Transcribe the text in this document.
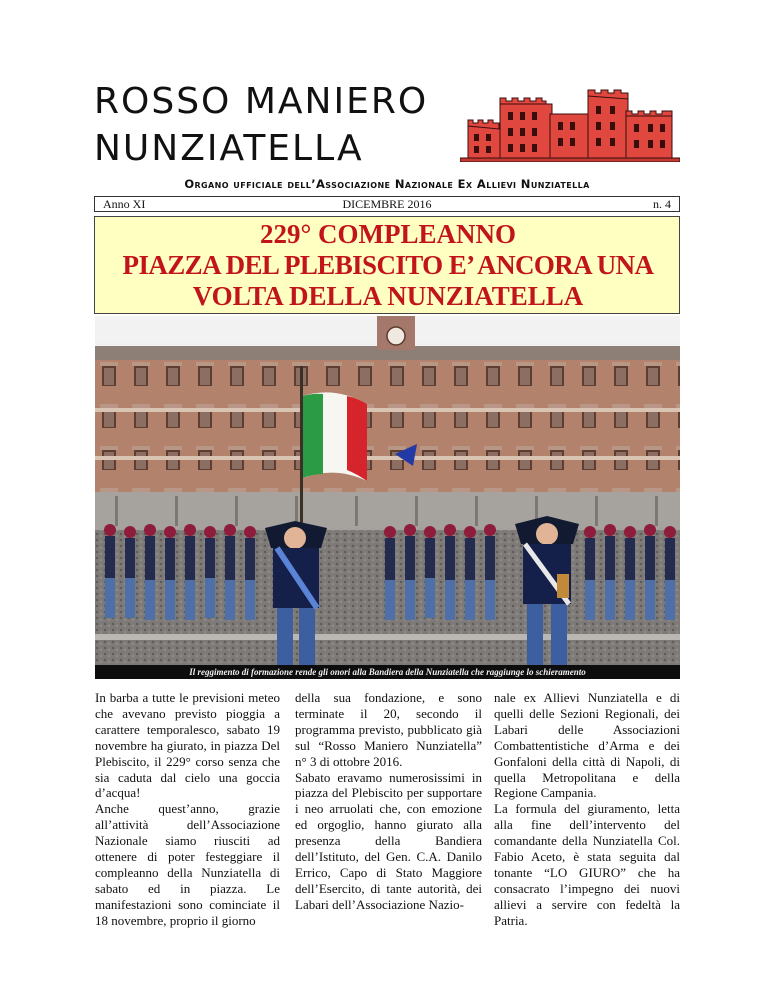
ROSSO MANIERO
NUNZIATELLA
Organo ufficiale dell’Associazione Nazionale Ex Allievi Nunziatella
DICEMBRE 2016
Anno XI	n. 4
229° COMPLEANNO
PIAZZA DEL PLEBISCITO E’ ANCORA UNA
VOLTA DELLA NUNZIATELLA
Il reggimento di formazione rende gli onori alla Bandiera della Nunziatella che raggiunge lo schieramento

In barba a tutte le previsioni meteo che avevano previsto pioggia a carattere temporalesco, sabato 19 novembre ha giurato, in piazza Del Plebiscito, il 229° corso senza che sia caduta dal cielo una goccia d’acqua!

Anche quest’anno, grazie all’attività dell’Associazione Nazionale siamo riusciti ad ottenere di poter festeggiare il compleanno della Nunziatella di sabato ed in piazza. Le manifestazioni sono cominciate il 18 novembre, proprio il giorno

della sua fondazione, e sono terminate il 20, secondo il programma previsto, pubblicato già sul “Rosso Maniero Nunziatella” n° 3 di ottobre 2016.

Sabato eravamo numerosissimi in piazza del Plebiscito per supportare i neo arruolati che, con emozione ed orgoglio, hanno giurato alla presenza della Bandiera dell’Istituto, del Gen. C.A. Danilo Errico, Capo di Stato Maggiore dell’Esercito, di tante autorità, dei Labari dell’Associazione Nazio-

nale ex Allievi Nunziatella e di quelli delle Sezioni Regionali, dei Labari delle Associazioni Combattentistiche d’Arma e dei Gonfaloni della città di Napoli, di quella Metropolitana e della Regione Campania.

La formula del giuramento, letta alla fine dell’intervento del comandante della Nunziatella Col. Fabio Aceto, è stata seguita dal tonante “LO GIURO” che ha consacrato l’impegno dei nuovi allievi a servire con fedeltà la Patria.
